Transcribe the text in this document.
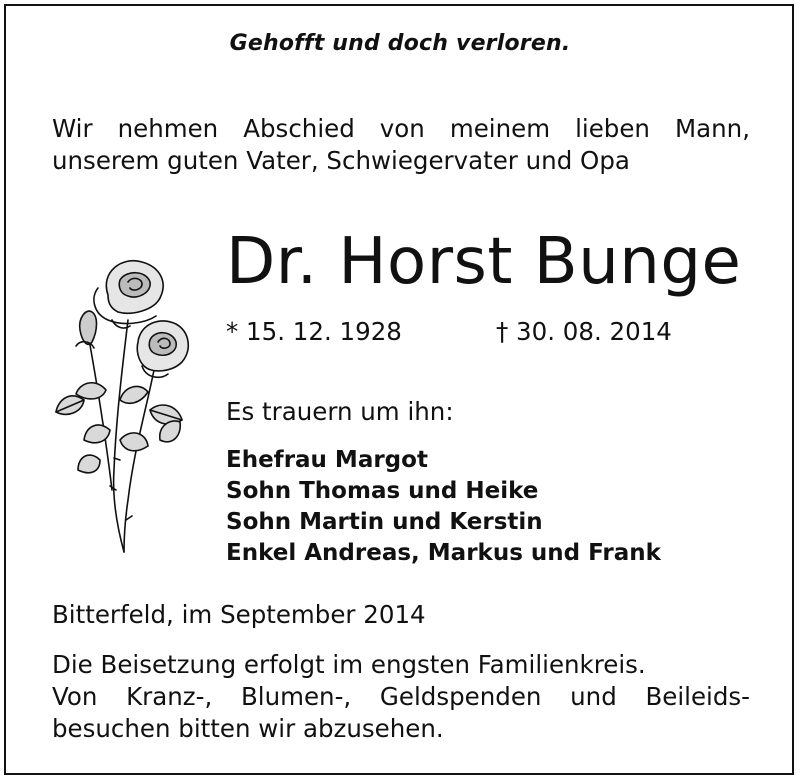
Gehofft und doch verloren.
Wir nehmen Abschied von meinem lieben Mann,
unserem guten Vater, Schwiegervater und Opa
Dr. Horst Bunge
* 15. 12. 1928	† 30. 08. 2014
Es trauern um ihn:
Ehefrau Margot
Sohn Thomas und Heike
Sohn Martin und Kerstin
Enkel Andreas, Markus und Frank
Bitterfeld, im September 2014
Die Beisetzung erfolgt im engsten Familienkreis.
Von Kranz-, Blumen-, Geldspenden und Beileids-
besuchen bitten wir abzusehen.
